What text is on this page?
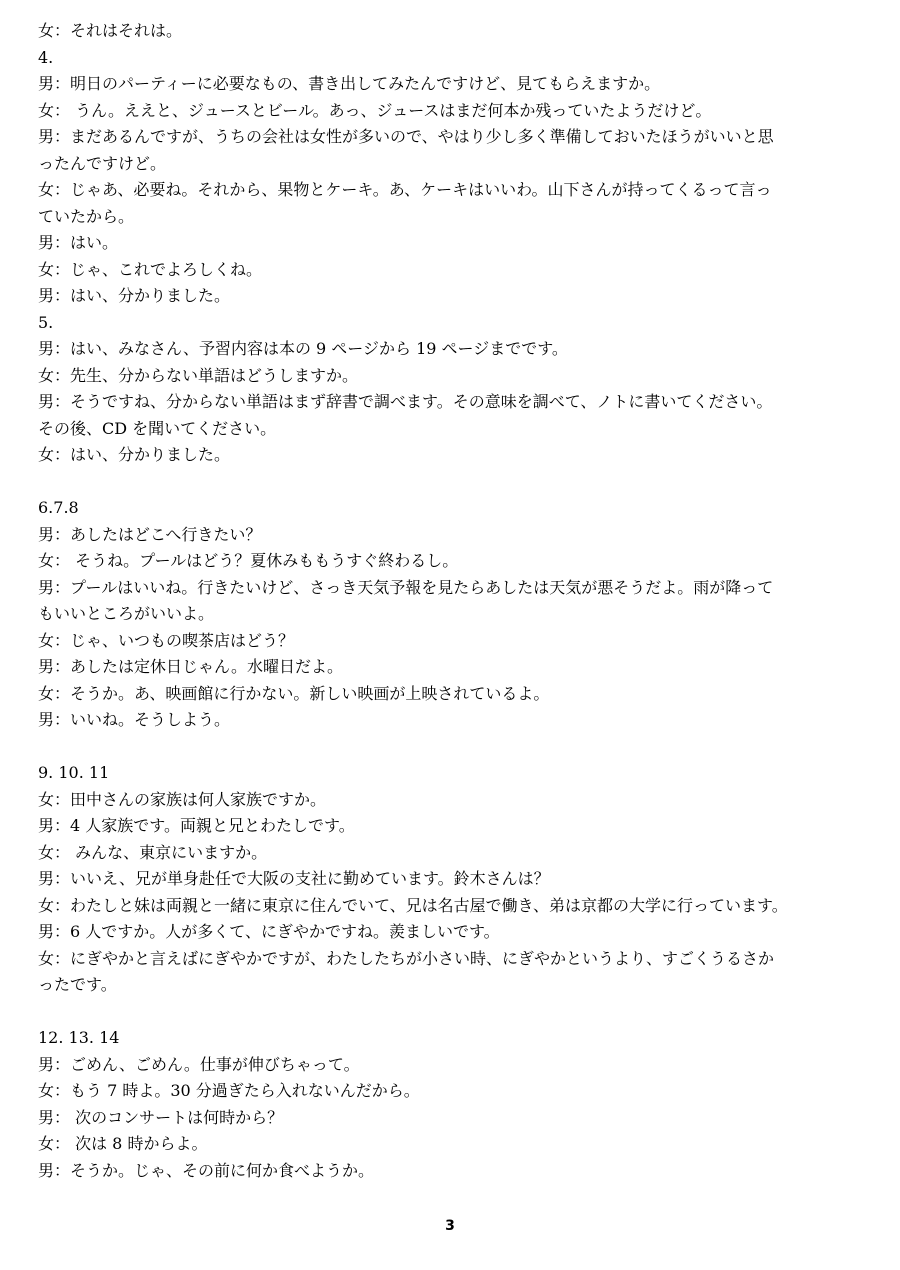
女：それはそれは。
4.
男：明日のパーティーに必要なもの、書き出してみたんですけど、見てもらえますか。
女： うん。ええと、ジュースとビール。あっ、ジュースはまだ何本か残っていたようだけど。
男：まだあるんですが、うちの会社は女性が多いので、やはり少し多く準備しておいたほうがいいと思
ったんですけど。
女：じゃあ、必要ね。それから、果物とケーキ。あ、ケーキはいいわ。山下さんが持ってくるって言っ
ていたから。
男：はい。
女：じゃ、これでよろしくね。
男：はい、分かりました。
5.
男：はい、みなさん、予習内容は本の 9 ページから 19 ページまでです。
女：先生、分からない単語はどうしますか。
男：そうですね、分からない単語はまず辞書で調べます。その意味を調べて、ノトに書いてください。
その後、CD を聞いてください。
女：はい、分かりました。
6.7.8
男：あしたはどこへ行きたい？
女： そうね。プールはどう？夏休みももうすぐ終わるし。
男：プールはいいね。行きたいけど、さっき天気予報を見たらあしたは天気が悪そうだよ。雨が降って
もいいところがいいよ。
女：じゃ、いつもの喫茶店はどう？
男：あしたは定休日じゃん。水曜日だよ。
女：そうか。あ、映画館に行かない。新しい映画が上映されているよ。
男：いいね。そうしよう。
9. 10. 11
女：田中さんの家族は何人家族ですか。
男：4 人家族です。両親と兄とわたしです。
女： みんな、東京にいますか。
男：いいえ、兄が単身赴任で大阪の支社に勤めています。鈴木さんは？
女：わたしと妹は両親と一緒に東京に住んでいて、兄は名古屋で働き、弟は京都の大学に行っています。
男：6 人ですか。人が多くて、にぎやかですね。羨ましいです。
女：にぎやかと言えばにぎやかですが、わたしたちが小さい時、にぎやかというより、すごくうるさか
ったです。
12. 13. 14
男：ごめん、ごめん。仕事が伸びちゃって。
女：もう 7 時よ。30 分過ぎたら入れないんだから。
男： 次のコンサートは何時から？
女： 次は 8 時からよ。
男：そうか。じゃ、その前に何か食べようか。
3
